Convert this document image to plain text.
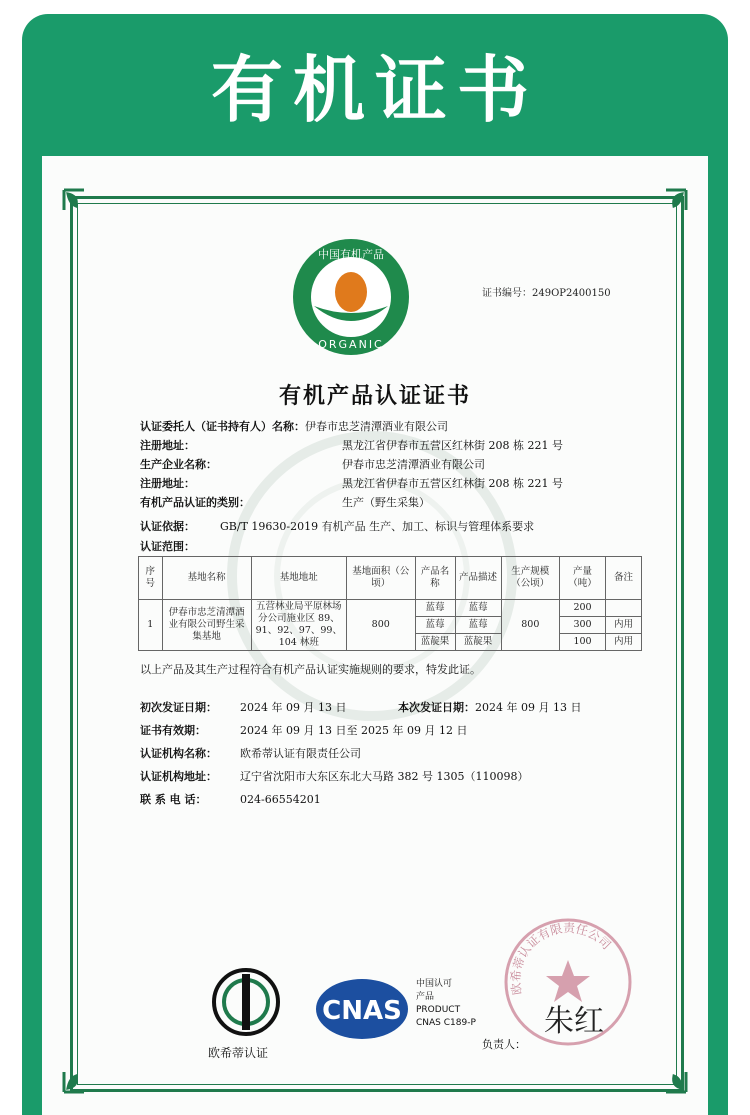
有机证书
中国有机产品
ORGANIC
证书编号：249OP2400150
有机产品认证证书
认证委托人（证书持有人）名称：伊春市忠芝清潭酒业有限公司
注册地址：	黑龙江省伊春市五营区红林街 208 栋 221 号
生产企业名称：	伊春市忠芝清潭酒业有限公司
注册地址：	黑龙江省伊春市五营区红林街 208 栋 221 号
有机产品认证的类别：	生产（野生采集）
认证依据： GB/T 19630-2019 有机产品 生产、加工、标识与管理体系要求
认证范围：
序号	基地名称	基地地址	基地面积（公顷）	产品名称	产品描述	生产规模（公顷）	产量（吨）	备注
1	伊春市忠芝清潭酒业有限公司野生采集基地	五营林业局平原林场分公司施业区 89、91、92、97、99、104 林班	800	蓝莓	蓝莓	800	200	
				蓝莓	蓝莓		300	内用
				蓝靛果	蓝靛果		100	内用
以上产品及其生产过程符合有机产品认证实施规则的要求，特发此证。
初次发证日期： 2024 年 09 月 13 日	本次发证日期：2024 年 09 月 13 日
证书有效期：	2024 年 09 月 13 日至 2025 年 09 月 12 日
认证机构名称： 欧希蒂认证有限责任公司
认证机构地址： 辽宁省沈阳市大东区东北大马路 382 号 1305（110098）
联 系 电 话：	024-66554201
欧希蒂认证
CNAS
中国认可
产品
PRODUCT
CNAS C189-P
欧希蒂认证有限责任公司
负责人：
朱红
